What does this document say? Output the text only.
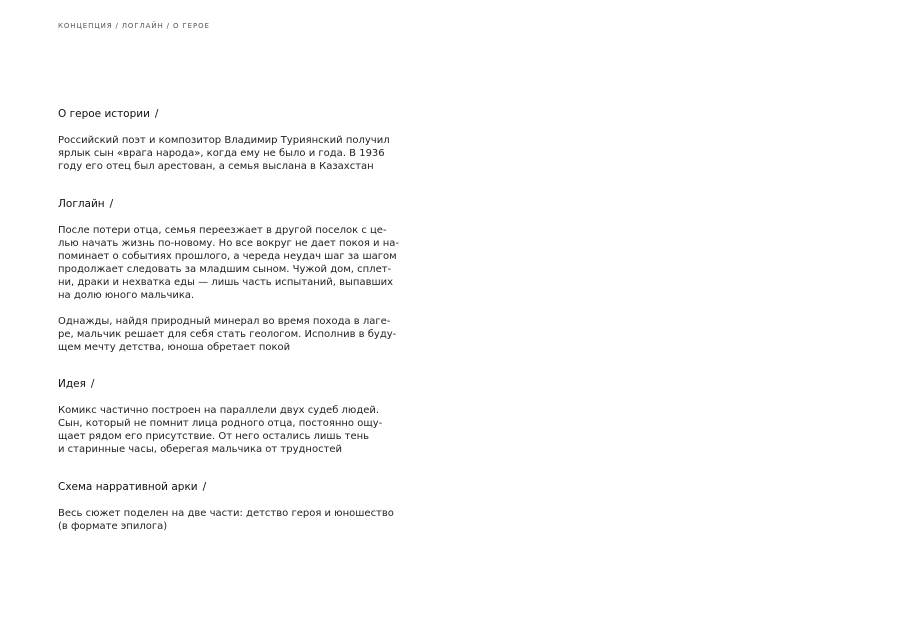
КОНЦЕПЦИЯ / ЛОГЛАЙН / О ГЕРОЕ
О герое истории /
Российский поэт и композитор Владимир Туриянский получил
ярлык сын «врага народа», когда ему не было и года. В 1936
году его отец был арестован, а семья выслана в Казахстан
Логлайн /
После потери отца, семья переезжает в другой поселок с це-
лью начать жизнь по-новому. Но все вокруг не дает покоя и на-
поминает о событиях прошлого, а череда неудач шаг за шагом
продолжает следовать за младшим сыном. Чужой дом, сплет-
ни, драки и нехватка еды — лишь часть испытаний, выпавших
на долю юного мальчика.
Однажды, найдя природный минерал во время похода в лаге-
ре, мальчик решает для себя стать геологом. Исполнив в буду-
щем мечту детства, юноша обретает покой
Идея /
Комикс частично построен на параллели двух судеб людей.
Сын, который не помнит лица родного отца, постоянно ощу-
щает рядом его присутствие. От него остались лишь тень
и старинные часы, оберегая мальчика от трудностей
Схема нарративной арки /
Весь сюжет поделен на две части: детство героя и юношество
(в формате эпилога)
